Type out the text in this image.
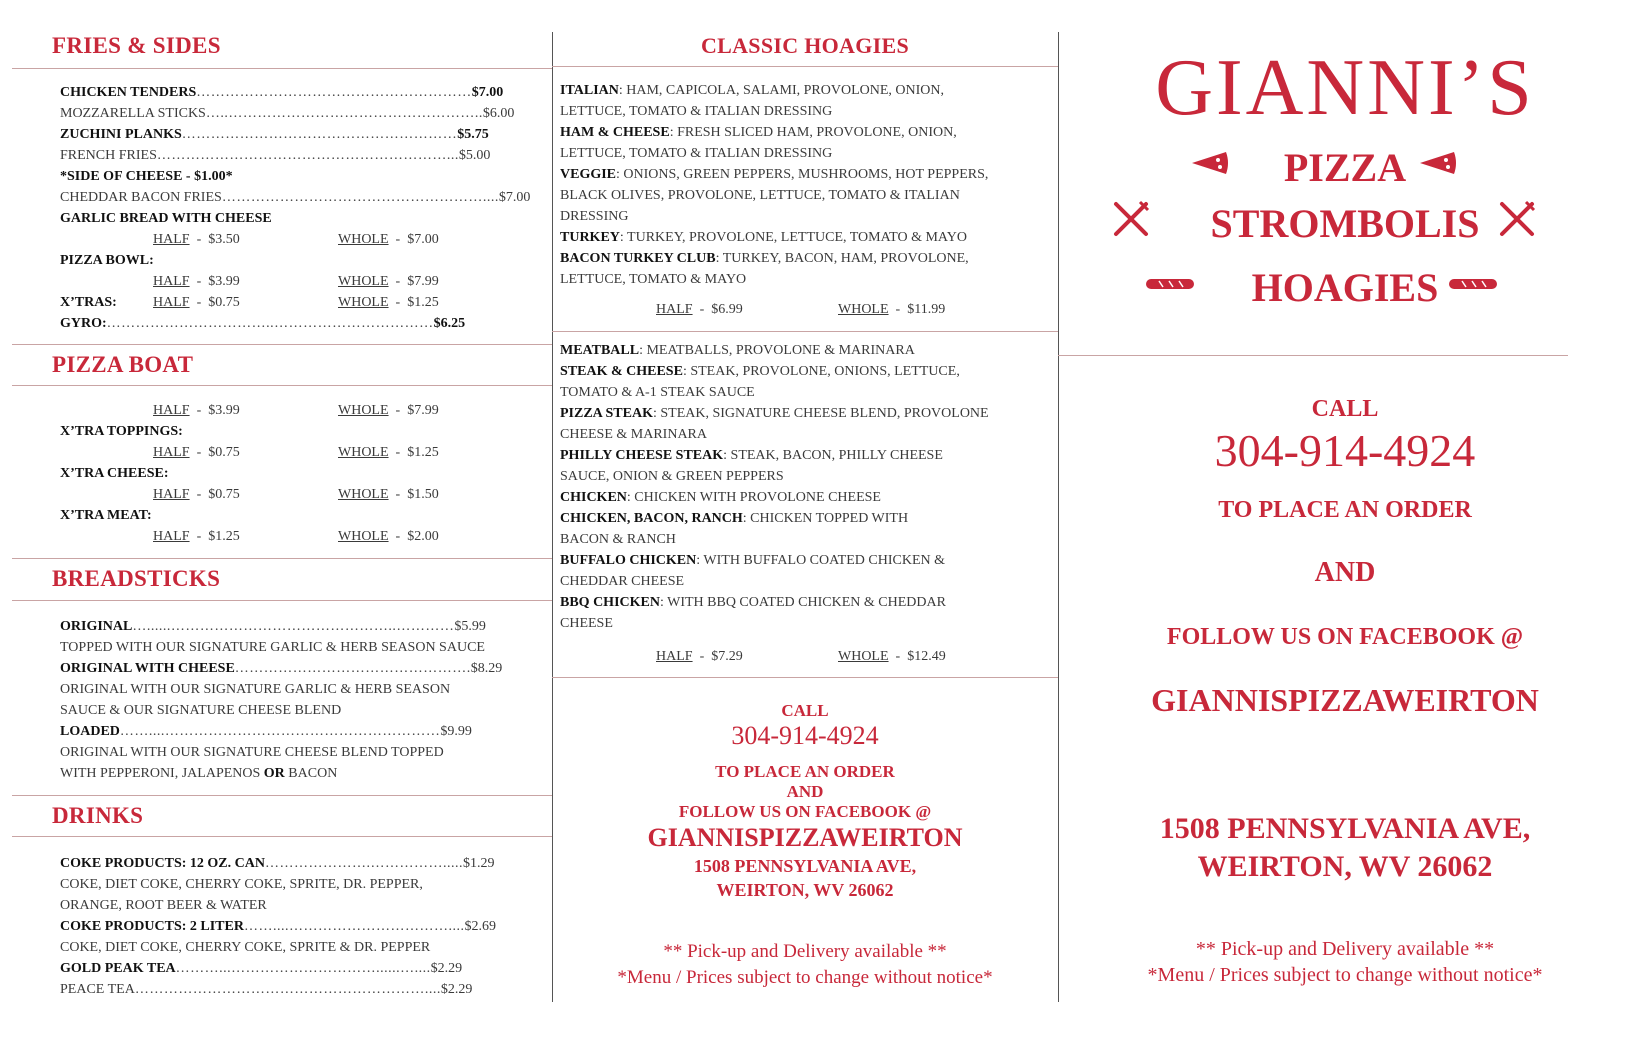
FRIES & SIDES
CHICKEN TENDERS…………………………………………………$7.00
MOZZARELLA STICKS…..……………………………………………..$6.00
ZUCHINI PLANKS…………………………………………………$5.75
FRENCH FRIES……………………………………………………...$5.00
*SIDE OF CHEESE - $1.00*
CHEDDAR BACON FRIES………………………………………………....$7.00
GARLIC BREAD WITH CHEESE
HALF - $3.50	WHOLE - $7.00
PIZZA BOWL:
HALF - $3.99	WHOLE - $7.99
X’TRAS:	HALF - $0.75	WHOLE - $1.25
GYRO:……………………………..……………………………$6.25
PIZZA BOAT
HALF - $3.99	WHOLE - $7.99
X’TRA TOPPINGS:
HALF - $0.75	WHOLE - $1.25
X’TRA CHEESE:
HALF - $0.75	WHOLE - $1.50
X’TRA MEAT:
HALF - $1.25	WHOLE - $2.00
BREADSTICKS
ORIGINAL…......………………………………………..…………$5.99
TOPPED WITH OUR SIGNATURE GARLIC & HERB SEASON SAUCE
ORIGINAL WITH CHEESE………………………………………….$8.29
ORIGINAL WITH OUR SIGNATURE GARLIC & HERB SEASON
SAUCE & OUR SIGNATURE CHEESE BLEND
LOADED……....…………………………………………………$9.99
ORIGINAL WITH OUR SIGNATURE CHEESE BLEND TOPPED
WITH PEPPERONI, JALAPENOS OR BACON
DRINKS
COKE PRODUCTS: 12 OZ. CAN………………….…………….....$1.29
COKE, DIET COKE, CHERRY COKE, SPRITE, DR. PEPPER,
ORANGE, ROOT BEER & WATER
COKE PRODUCTS: 2 LITER……....……………………………....$2.69
COKE, DIET COKE, CHERRY COKE, SPRITE & DR. PEPPER
GOLD PEAK TEA………...…………………………......…....$2.29
PEACE TEA……………………………………………………....$2.29
CLASSIC HOAGIES
ITALIAN: HAM, CAPICOLA, SALAMI, PROVOLONE, ONION,
LETTUCE, TOMATO & ITALIAN DRESSING
HAM & CHEESE: FRESH SLICED HAM, PROVOLONE, ONION,
LETTUCE, TOMATO & ITALIAN DRESSING
VEGGIE: ONIONS, GREEN PEPPERS, MUSHROOMS, HOT PEPPERS,
BLACK OLIVES, PROVOLONE, LETTUCE, TOMATO & ITALIAN
DRESSING
TURKEY: TURKEY, PROVOLONE, LETTUCE, TOMATO & MAYO
BACON TURKEY CLUB: TURKEY, BACON, HAM, PROVOLONE,
LETTUCE, TOMATO & MAYO
HALF - $6.99	WHOLE - $11.99
MEATBALL: MEATBALLS, PROVOLONE & MARINARA
STEAK & CHEESE: STEAK, PROVOLONE, ONIONS, LETTUCE,
TOMATO & A-1 STEAK SAUCE
PIZZA STEAK: STEAK, SIGNATURE CHEESE BLEND, PROVOLONE
CHEESE & MARINARA
PHILLY CHEESE STEAK: STEAK, BACON, PHILLY CHEESE
SAUCE, ONION & GREEN PEPPERS
CHICKEN: CHICKEN WITH PROVOLONE CHEESE
CHICKEN, BACON, RANCH: CHICKEN TOPPED WITH
BACON & RANCH
BUFFALO CHICKEN: WITH BUFFALO COATED CHICKEN &
CHEDDAR CHEESE
BBQ CHICKEN: WITH BBQ COATED CHICKEN & CHEDDAR
CHEESE
HALF - $7.29	WHOLE - $12.49
CALL
304-914-4924
TO PLACE AN ORDER
AND
FOLLOW US ON FACEBOOK @
GIANNISPIZZAWEIRTON
1508 PENNSYLVANIA AVE,
WEIRTON, WV 26062
** Pick-up and Delivery available **
*Menu / Prices subject to change without notice*
GIANNI’S
PIZZA
STROMBOLIS
HOAGIES
CALL
304-914-4924
TO PLACE AN ORDER
AND
FOLLOW US ON FACEBOOK @
GIANNISPIZZAWEIRTON
1508 PENNSYLVANIA AVE,
WEIRTON, WV 26062
** Pick-up and Delivery available **
*Menu / Prices subject to change without notice*
